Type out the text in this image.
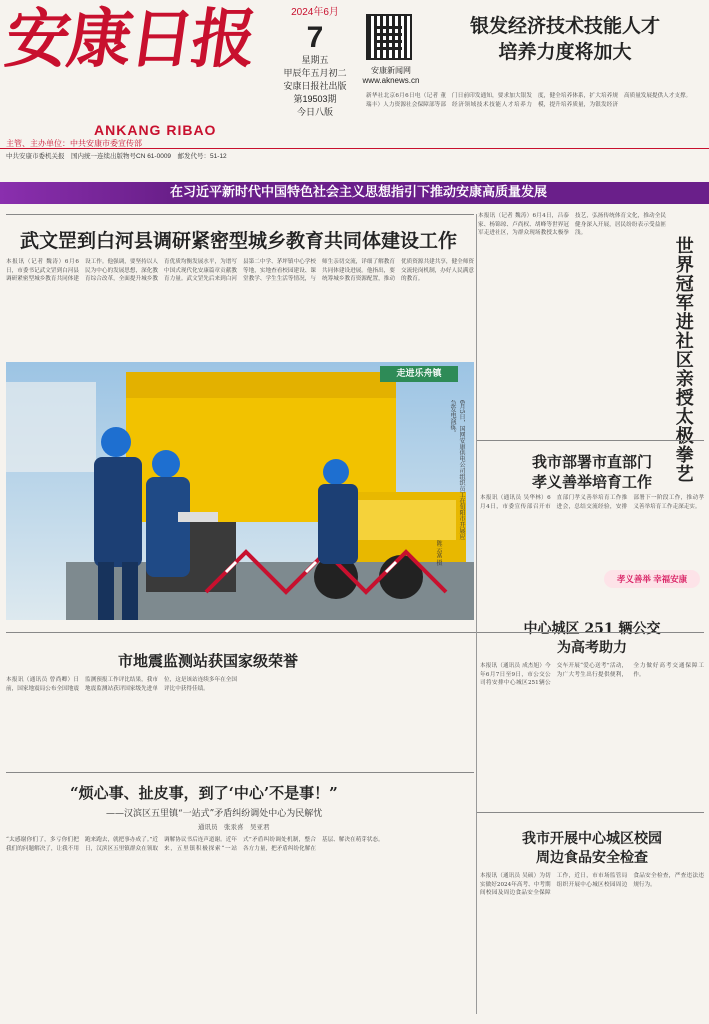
安康日报
ANKANG RIBAO
主管、主办单位：中共安康市委宣传部
2024年6月
7
星期五
甲辰年五月初二
安康日报社出版
第19503期
今日八版
安康新闻网
www.aknews.cn
银发经济技术技能人才
培养力度将加大
新华社北京6月6日电（记者 董瑞丰）人力资源社会保障部等部门日前印发通知，要求加大银发经济领域技术技能人才培养力度，健全培养体系，扩大培养规模，提升培养质量，为银发经济高质量发展提供人才支撑。
中共安康市委机关报　国内统一连续出版物号CN 61-0009　邮发代号：51-12
在习近平新时代中国特色社会主义思想指引下推动安康高质量发展
武文罡到白河县调研紧密型城乡教育共同体建设工作
本报讯（记者 魏涛）6月6日，市委书记武文罡到白河县调研紧密型城乡教育共同体建设工作。他强调，要坚持以人民为中心的发展思想，深化教育综合改革，全面提升城乡教育优质均衡发展水平，为谱写中国式现代化安康篇章贡献教育力量。武文罡先后来到白河县第二中学、茅坪镇中心学校等地，实地查看校园建设、课堂教学、学生生活等情况，与师生亲切交流，详细了解教育共同体建设进展。他指出，要统筹城乡教育资源配置，推动优质资源共建共享，健全师资交流轮岗机制，办好人民满意的教育。
本报讯（记者 魏涛）6月4日，吕泰家、杨锦琼、卢尚权、胡峰等世界冠军走进社区，为群众现场教授太极拳技艺，弘扬传统体育文化，推动全民健身深入开展，居民纷纷表示受益匪浅。
世界冠军进社区亲授太极拳艺
走进乐舟镇
6月5日，国网安康供电公司组织员工在旬阳市开展应急发电演练。
陈云富 摄
我市部署市直部门
孝义善举培育工作
本报讯（通讯员 吴华林）6月4日，市委宣传部召开市直部门孝义善举培育工作推进会，总结交流经验，安排部署下一阶段工作，推动孝义善举培育工作走深走实。
孝义善举 幸福安康
市地震监测站获国家级荣誉
本报讯（通讯员 曾尚卿）日前，国家地震局公布全国地震监测预报工作评比结果，我市地震监测站获评国家级先进单位，这是该站连续多年在全国评比中获得佳绩。
中心城区 251 辆公交
为高考助力
本报讯（通讯员 成杰旭）今年6月7日至9日，市公交公司将安排中心城区251辆公交车开展“爱心送考”活动，为广大考生出行提供便利，全力做好高考交通保障工作。
“烦心事、扯皮事，到了‘中心’不是事！”
——汉滨区五里镇“一站式”矛盾纠纷调处中心为民解忧
通讯员　张汞喜　吴亚君
“太感谢你们了，多亏你们把我们的问题解决了，让我不用跑来跑去，就把事办成了。”近日，汉滨区五里镇群众在领取调解协议书后连声道谢。近年来，五里镇积极探索“一站式”矛盾纠纷调处机制，整合各方力量，把矛盾纠纷化解在基层、解决在萌芽状态。	我市开展中心城区校园
周边食品安全检查
本报讯（通讯员 吴硕）为切实做好2024年高考、中考期间校园及周边食品安全保障工作，近日，市市场监管局组织开展中心城区校园周边食品安全检查，严查违法违规行为。
